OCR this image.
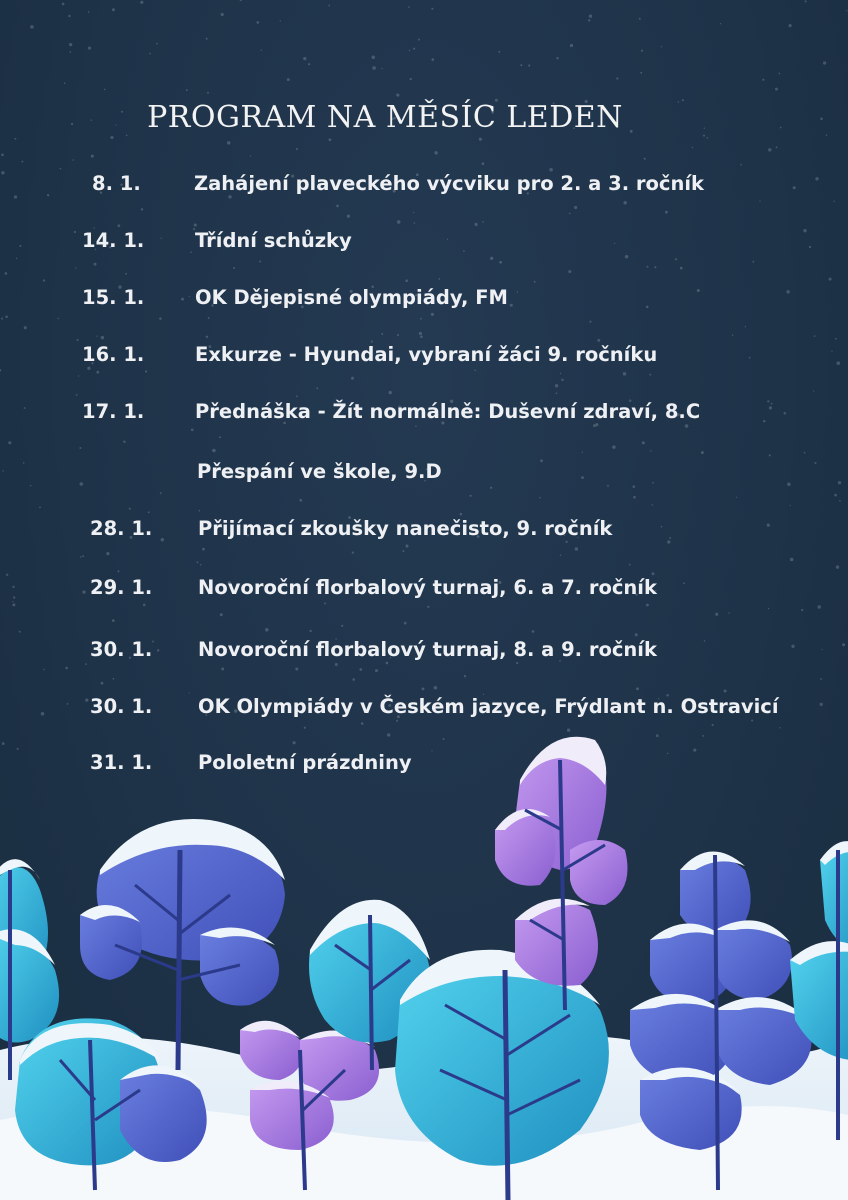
PROGRAM NA MĚSÍC LEDEN
8. 1.	Zahájení plaveckého výcviku pro 2. a 3. ročník
14. 1.	Třídní schůzky
15. 1.	OK Dějepisné olympiády, FM
16. 1.	Exkurze - Hyundai, vybraní žáci 9. ročníku
17. 1.	Přednáška - Žít normálně: Duševní zdraví, 8.C
Přespání ve škole, 9.D
28. 1. Přijímací zkoušky nanečisto, 9. ročník
29. 1. Novoroční florbalový turnaj, 6. a 7. ročník
30. 1. Novoroční florbalový turnaj, 8. a 9. ročník
30. 1. OK Olympiády v Českém jazyce, Frýdlant n. Ostravicí
31. 1. Pololetní prázdniny
